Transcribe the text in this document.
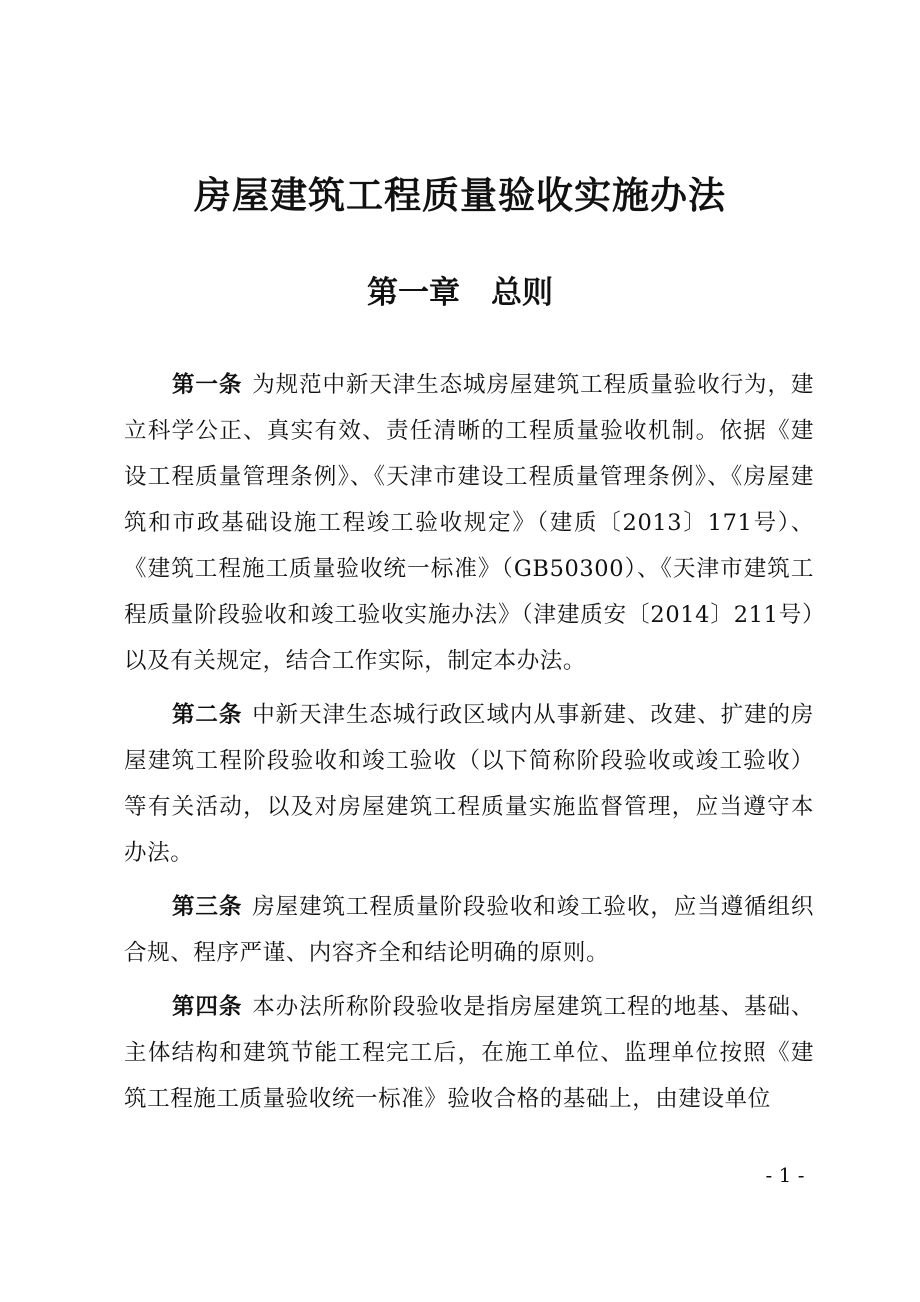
房屋建筑工程质量验收实施办法
第一章　总则

第一条 为规范中新天津生态城房屋建筑工程质量验收行为，建立科学公正、真实有效、责任清晰的工程质量验收机制。依据《建设工程质量管理条例》、《天津市建设工程质量管理条例》、《房屋建筑和市政基础设施工程竣工验收规定》（建质〔2013〕171号）、《建筑工程施工质量验收统一标准》（GB50300）、《天津市建筑工程质量阶段验收和竣工验收实施办法》（津建质安〔2014〕211号）以及有关规定，结合工作实际，制定本办法。

第二条 中新天津生态城行政区域内从事新建、改建、扩建的房屋建筑工程阶段验收和竣工验收（以下简称阶段验收或竣工验收）等有关活动，以及对房屋建筑工程质量实施监督管理，应当遵守本办法。

第三条 房屋建筑工程质量阶段验收和竣工验收，应当遵循组织合规、程序严谨、内容齐全和结论明确的原则。

第四条 本办法所称阶段验收是指房屋建筑工程的地基、基础、主体结构和建筑节能工程完工后，在施工单位、监理单位按照《建筑工程施工质量验收统一标准》验收合格的基础上，由建设单位

- 1 -
